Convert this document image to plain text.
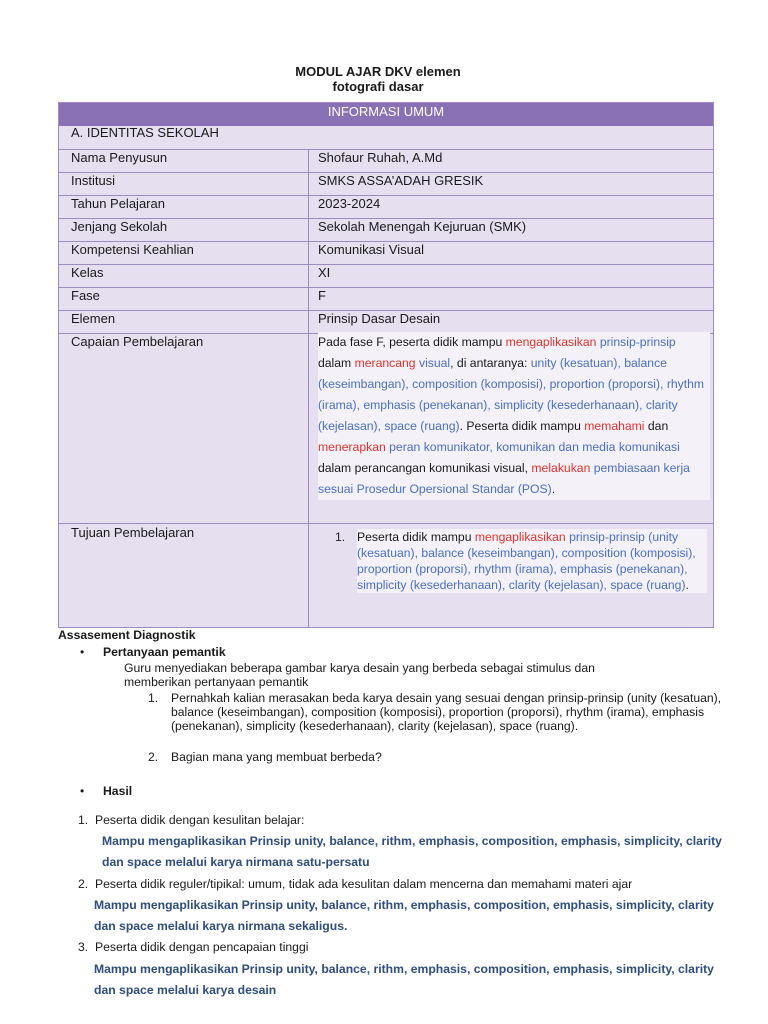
MODUL AJAR DKV elemen
fotografi dasar
INFORMASI UMUM
A. IDENTITAS SEKOLAH
Nama Penyusun	Shofaur Ruhah, A.Md
Institusi	SMKS ASSA’ADAH GRESIK
Tahun Pelajaran	2023-2024
Jenjang Sekolah	Sekolah Menengah Kejuruan (SMK)
Kompetensi Keahlian	Komunikasi Visual
Kelas	XI
Fase	F
Elemen	Prinsip Dasar Desain
Capaian Pembelajaran	Pada fase F, peserta didik mampu mengaplikasikan prinsip-prinsip dalam merancang visual, di antaranya: unity (kesatuan), balance (keseimbangan), composition (komposisi), proportion (proporsi), rhythm (irama), emphasis (penekanan), simplicity (kesederhanaan), clarity (kejelasan), space (ruang). Peserta didik mampu memahami dan menerapkan peran komunikator, komunikan dan media komunikasi dalam perancangan komunikasi visual, melakukan pembiasaan kerja sesuai Prosedur Opersional Standar (POS).
Tujuan Pembelajaran	1. Peserta didik mampu mengaplikasikan prinsip-prinsip (unity (kesatuan), balance (keseimbangan), composition (komposisi), proportion (proporsi), rhythm (irama), emphasis (penekanan), simplicity (kesederhanaan), clarity (kejelasan), space (ruang).
Assasement Diagnostik
• Pertanyaan pemantik
Guru menyediakan beberapa gambar karya desain yang berbeda sebagai stimulus dan memberikan pertanyaan pemantik
1. Pernahkah kalian merasakan beda karya desain yang sesuai dengan prinsip-prinsip (unity (kesatuan), balance (keseimbangan), composition (komposisi), proportion (proporsi), rhythm (irama), emphasis (penekanan), simplicity (kesederhanaan), clarity (kejelasan), space (ruang).
2. Bagian mana yang membuat berbeda?
• Hasil
1. Peserta didik dengan kesulitan belajar:
Mampu mengaplikasikan Prinsip unity, balance, rithm, emphasis, composition, emphasis, simplicity, clarity dan space melalui karya nirmana satu-persatu
2. Peserta didik reguler/tipikal: umum, tidak ada kesulitan dalam mencerna dan memahami materi ajar
Mampu mengaplikasikan Prinsip unity, balance, rithm, emphasis, composition, emphasis, simplicity, clarity dan space melalui karya nirmana sekaligus.
3. Peserta didik dengan pencapaian tinggi
Mampu mengaplikasikan Prinsip unity, balance, rithm, emphasis, composition, emphasis, simplicity, clarity dan space melalui karya desain
